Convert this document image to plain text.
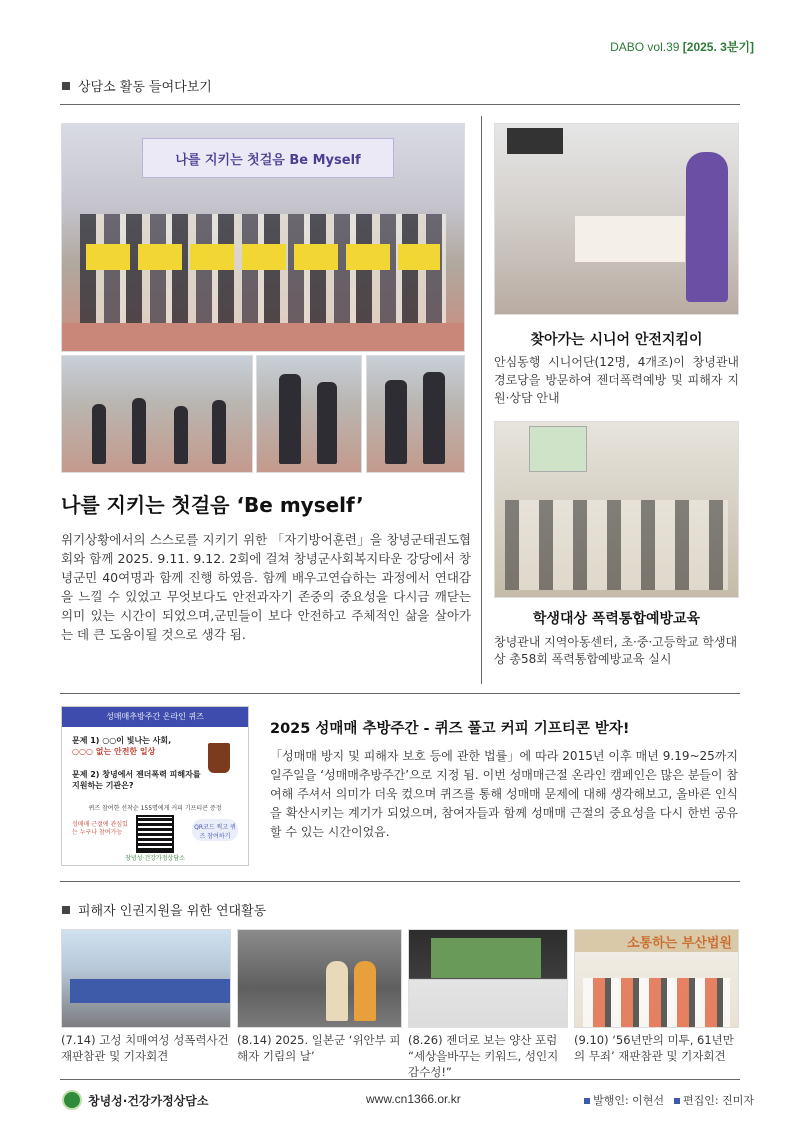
DABO vol.39 [2025. 3분기]
상담소 활동 들여다보기
나를 지키는 첫걸음 Be Myself
나를 지키는 첫걸음 ‘Be myself’
위기상황에서의 스스로를 지키기 위한 「자기방어훈련」을 창녕군태권도협회와 함께 2025. 9.11. 9.12. 2회에 걸쳐 창녕군사회복지타운 강당에서 창녕군민 40여명과 함께 진행 하였음. 함께 배우고연습하는 과정에서 연대감을 느낄 수 있었고 무엇보다도 안전과자기 존중의 중요성을 다시금 깨닫는 의미 있는 시간이 되었으며,군민들이 보다 안전하고 주체적인 삶을 살아가는 데 큰 도움이될 것으로 생각 됨.
찾아가는 시니어 안전지킴이
안심동행 시니어단(12명, 4개조)이 창녕관내 경로당을 방문하여 젠더폭력예방 및 피해자 지원·상담 안내
학생대상 폭력통합예방교육
창녕관내 지역아동센터, 초·중·고등학교 학생대상 총58회 폭력통합예방교육 실시
성매매추방주간 온라인 퀴즈
문제 1) ○○이 빛나는 사회,
○○○ 없는 안전한 일상
문제 2) 창녕에서 젠더폭력 피해자를
지원하는 기관은?
퀴즈 참여한 선착순 155명에게 커피 기프티콘 증정
성매매 근절에 관심있는 누구나 참여가능
QR코드 찍고 퀴즈 참여하기
창녕성·건강가정상담소
2025 성매매 추방주간 - 퀴즈 풀고 커피 기프티콘 받자!
「성매매 방지 및 피해자 보호 등에 관한 법률」에 따라 2015년 이후 매년 9.19~25까지 일주일을 ‘성매매추방주간’으로 지정 됨. 이번 성매매근절 온라인 캠페인은 많은 분들이 참여해 주셔서 의미가 더욱 컸으며 퀴즈를 통해 성매매 문제에 대해 생각해보고, 올바른 인식을 확산시키는 계기가 되었으며, 참여자들과 함께 성매매 근절의 중요성을 다시 한번 공유할 수 있는 시간이었음.
피해자 인권지원을 위한 연대활동
소통하는 부산법원
(7.14) 고성 치매여성 성폭력사건 재판참관 및 기자회견
(8.14) 2025. 일본군 ‘위안부 피해자 기림의 날’
(8.26) 젠더로 보는 양산 포럼 “세상을바꾸는 키워드, 성인지 감수성!”
(9.10) ‘56년만의 미투, 61년만의 무죄’ 재판참관 및 기자회견
창녕성·건강가정상담소	www.cn1366.or.kr	발행인: 이현선	편집인: 진미자
